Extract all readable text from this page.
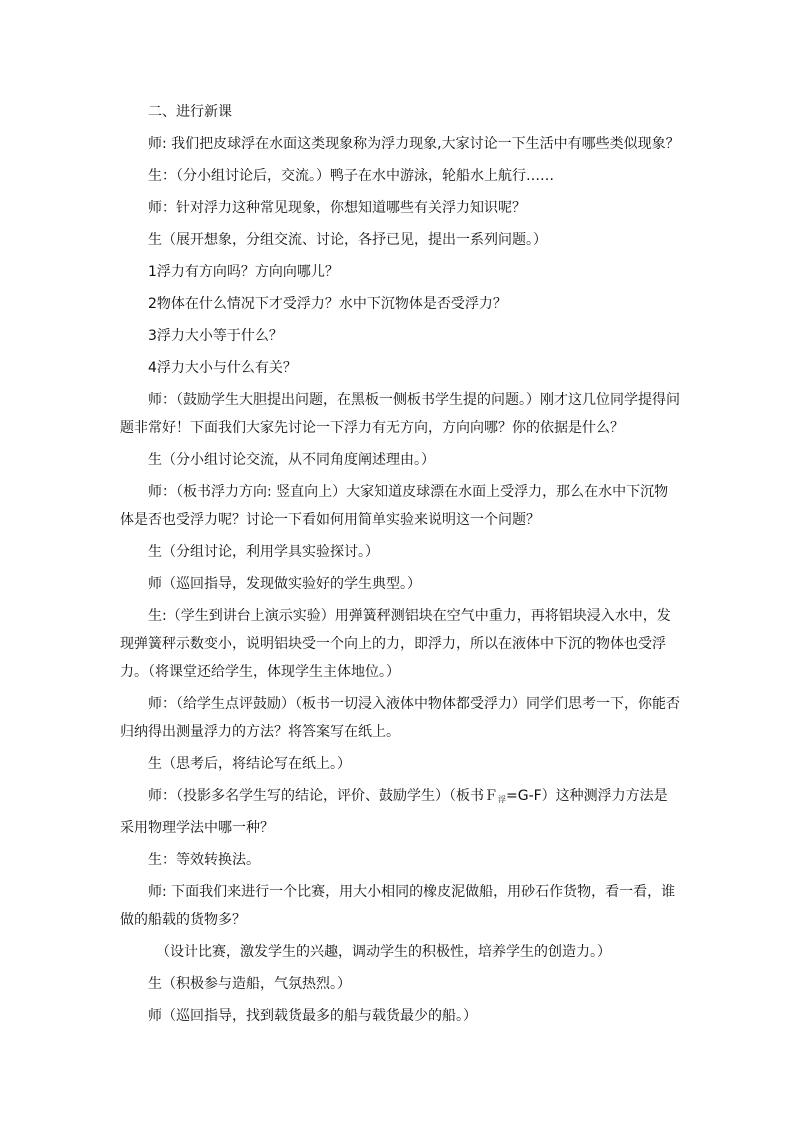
二、进行新课

师: 我们把皮球浮在水面这类现象称为浮力现象,大家讨论一下生活中有哪些类似现象？

生：（分小组讨论后，交流。）鸭子在水中游泳，轮船水上航行……

师：针对浮力这种常见现象，你想知道哪些有关浮力知识呢？

生（展开想象，分组交流、讨论，各抒已见，提出一系列问题。）

1浮力有方向吗？方向向哪儿？

2物体在什么情况下才受浮力？水中下沉物体是否受浮力？

3浮力大小等于什么？

4浮力大小与什么有关？

师：（鼓励学生大胆提出问题，在黑板一侧板书学生提的问题。）刚才这几位同学提得问题非常好！下面我们大家先讨论一下浮力有无方向，方向向哪？你的依据是什么？

生（分小组讨论交流，从不同角度阐述理由。）

师：（板书浮力方向: 竖直向上）大家知道皮球漂在水面上受浮力，那么在水中下沉物体是否也受浮力呢？讨论一下看如何用简单实验来说明这一个问题？

生（分组讨论，利用学具实验探讨。）

师（巡回指导，发现做实验好的学生典型。）

生:（学生到讲台上演示实验）用弹簧秤测铝块在空气中重力，再将铝块浸入水中，发现弹簧秤示数变小，说明铝块受一个向上的力，即浮力，所以在液体中下沉的物体也受浮力。（将课堂还给学生，体现学生主体地位。）

师：（给学生点评鼓励）（板书一切浸入液体中物体都受浮力）同学们思考一下，你能否归纳得出测量浮力的方法？将答案写在纸上。

生（思考后，将结论写在纸上。）

师：（投影多名学生写的结论，评价、鼓励学生）（板书Ｆ$_浮$=G-F）这种测浮力方法是采用物理学法中哪一种？

生：等效转换法。

师: 下面我们来进行一个比赛，用大小相同的橡皮泥做船，用砂石作货物，看一看，谁做的船载的货物多？

（设计比赛，激发学生的兴趣，调动学生的积极性，培养学生的创造力。）

生（积极参与造船，气氛热烈。）

师（巡回指导，找到载货最多的船与载货最少的船。）
